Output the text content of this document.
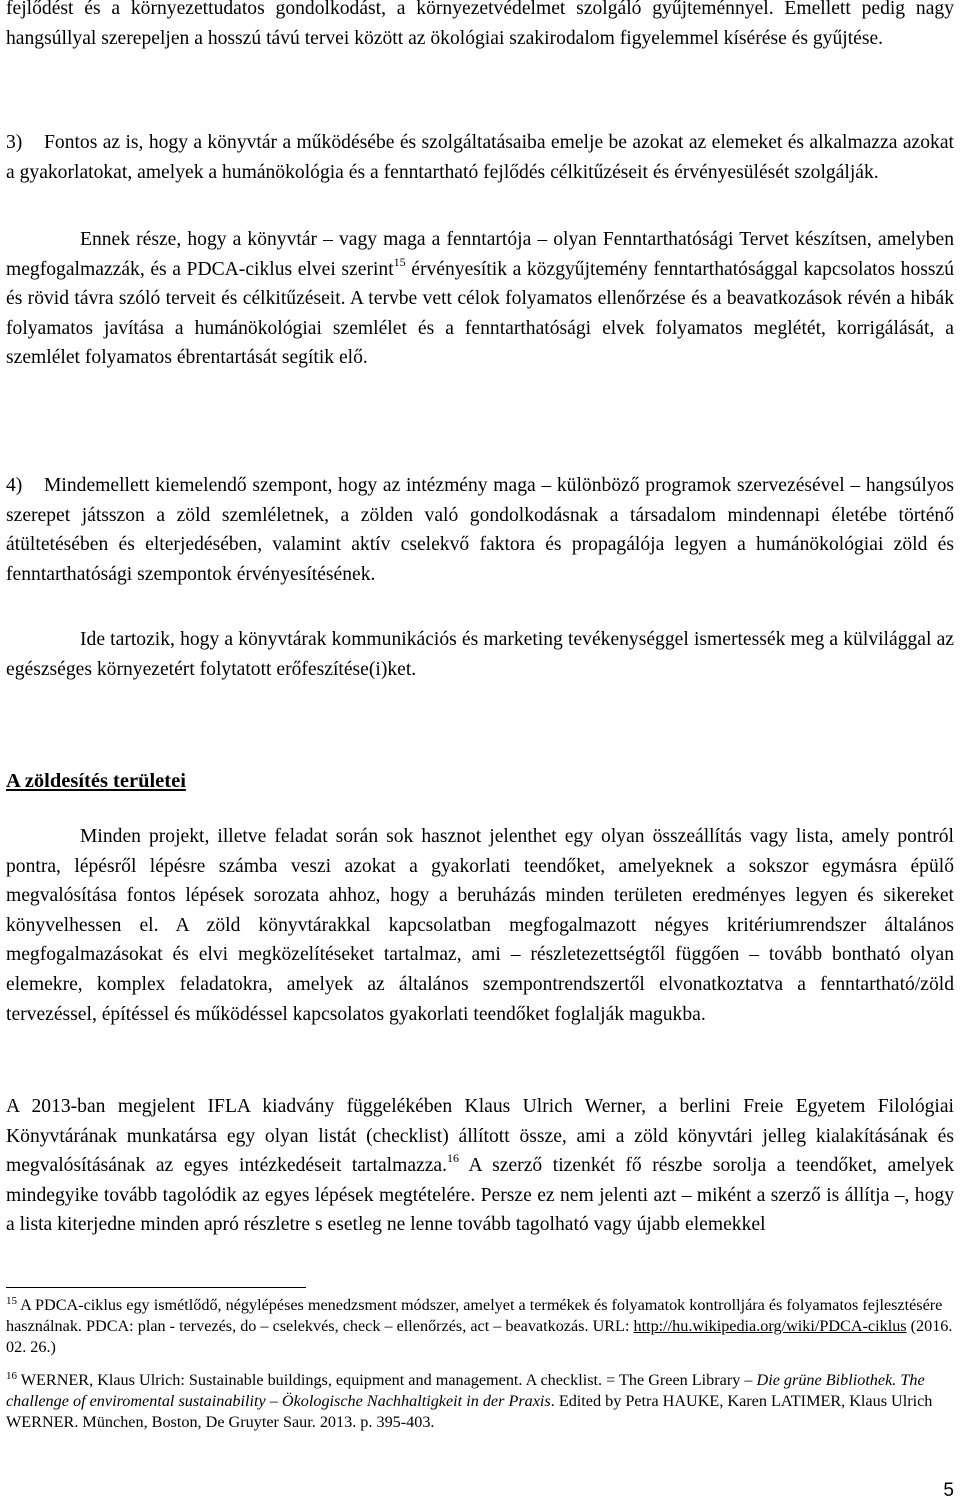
fejlődést és a környezettudatos gondolkodást, a környezetvédelmet szolgáló gyűjteménnyel. Emellett pedig nagy hangsúllyal szerepeljen a hosszú távú tervei között az ökológiai szakirodalom figyelemmel kísérése és gyűjtése.

3) Fontos az is, hogy a könyvtár a működésébe és szolgáltatásaiba emelje be azokat az elemeket és alkalmazza azokat a gyakorlatokat, amelyek a humánökológia és a fenntartható fejlődés célkitűzéseit és érvényesülését szolgálják.

Ennek része, hogy a könyvtár – vagy maga a fenntartója – olyan Fenntarthatósági Tervet készítsen, amelyben megfogalmazzák, és a PDCA-ciklus elvei szerint$^{15}$ érvényesítik a közgyűjtemény fenntarthatósággal kapcsolatos hosszú és rövid távra szóló terveit és célkitűzéseit. A tervbe vett célok folyamatos ellenőrzése és a beavatkozások révén a hibák folyamatos javítása a humánökológiai szemlélet és a fenntarthatósági elvek folyamatos meglétét, korrigálását, a szemlélet folyamatos ébrentartását segítik elő.

4) Mindemellett kiemelendő szempont, hogy az intézmény maga – különböző programok szervezésével – hangsúlyos szerepet játsszon a zöld szemléletnek, a zölden való gondolkodásnak a társadalom mindennapi életébe történő átültetésében és elterjedésében, valamint aktív cselekvő faktora és propagálója legyen a humánökológiai zöld és fenntarthatósági szempontok érvényesítésének.

Ide tartozik, hogy a könyvtárak kommunikációs és marketing tevékenységgel ismertessék meg a külvilággal az egészséges környezetért folytatott erőfeszítése(i)ket.

A zöldesítés területei

Minden projekt, illetve feladat során sok hasznot jelenthet egy olyan összeállítás vagy lista, amely pontról pontra, lépésről lépésre számba veszi azokat a gyakorlati teendőket, amelyeknek a sokszor egymásra épülő megvalósítása fontos lépések sorozata ahhoz, hogy a beruházás minden területen eredményes legyen és sikereket könyvelhessen el. A zöld könyvtárakkal kapcsolatban megfogalmazott négyes kritériumrendszer általános megfogalmazásokat és elvi megközelítéseket tartalmaz, ami – részletezettségtől függően – tovább bontható olyan elemekre, komplex feladatokra, amelyek az általános szempontrendszertől elvonatkoztatva a fenntartható/zöld tervezéssel, építéssel és működéssel kapcsolatos gyakorlati teendőket foglalják magukba.

A 2013-ban megjelent IFLA kiadvány függelékében Klaus Ulrich Werner, a berlini Freie Egyetem Filológiai Könyvtárának munkatársa egy olyan listát (checklist) állított össze, ami a zöld könyvtári jelleg kialakításának és megvalósításának az egyes intézkedéseit tartalmazza.$^{16}$ A szerző tizenkét fő részbe sorolja a teendőket, amelyek mindegyike tovább tagolódik az egyes lépések megtételére. Persze ez nem jelenti azt – miként a szerző is állítja –, hogy a lista kiterjedne minden apró részletre s esetleg ne lenne tovább tagolható vagy újabb elemekkel

$^{15}$ A PDCA-ciklus egy ismétlődő, négylépéses menedzsment módszer, amelyet a termékek és folyamatok kontrolljára és folyamatos fejlesztésére használnak. PDCA: plan - tervezés, do – cselekvés, check – ellenőrzés, act – beavatkozás. URL: http://hu.wikipedia.org/wiki/PDCA-ciklus (2016. 02. 26.)

$^{16}$ WERNER, Klaus Ulrich: Sustainable buildings, equipment and management. A checklist. = The Green Library – Die grüne Bibliothek. The challenge of enviromental sustainability – Ökologische Nachhaltigkeit in der Praxis. Edited by Petra HAUKE, Karen LATIMER, Klaus Ulrich WERNER. München, Boston, De Gruyter Saur. 2013. p. 395-403.

5
